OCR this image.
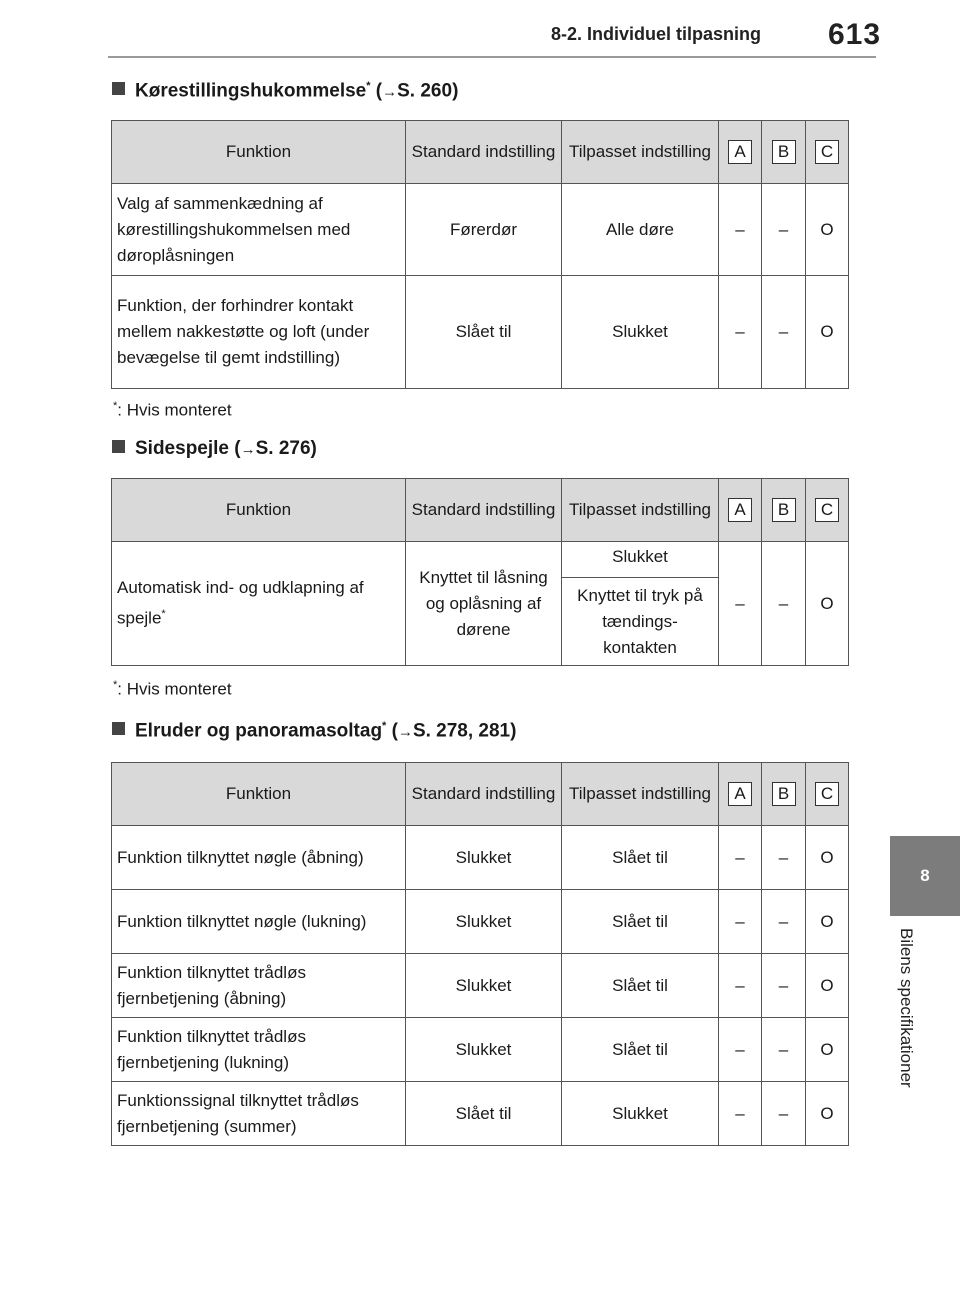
8-2. Individuel tilpasning 613
8
Bilens specifikationer
Kørestillingshukommelse* (→S. 260)
Funktion	Standard indstilling	Tilpasset indstilling	A	B	C
Valg af sammenkædning af kørestillingshukommelsen med døroplåsningen	Førerdør	Alle døre	–	–	O
Funktion, der forhindrer kontakt mellem nakkestøtte og loft (under bevægelse til gemt indstilling)	Slået til	Slukket	–	–	O
*: Hvis monteret
Sidespejle (→S. 276)
Funktion	Standard indstilling	Tilpasset indstilling	A	B	C
Automatisk ind- og udklapning af spejle*	Knyttet til låsning og oplåsning af dørene	Slukket	–	–	O
		Knyttet til tryk på tændings- kontakten			
*: Hvis monteret
Elruder og panoramasoltag* (→S. 278, 281)
Funktion	Standard indstilling	Tilpasset indstilling	A	B	C
Funktion tilknyttet nøgle (åbning)	Slukket	Slået til	–	–	O
Funktion tilknyttet nøgle (lukning)	Slukket	Slået til	–	–	O
Funktion tilknyttet trådløs fjernbetjening (åbning)	Slukket	Slået til	–	–	O
Funktion tilknyttet trådløs fjernbetjening (lukning)	Slukket	Slået til	–	–	O
Funktionssignal tilknyttet trådløs fjernbetjening (summer)	Slået til	Slukket	–	–	O
